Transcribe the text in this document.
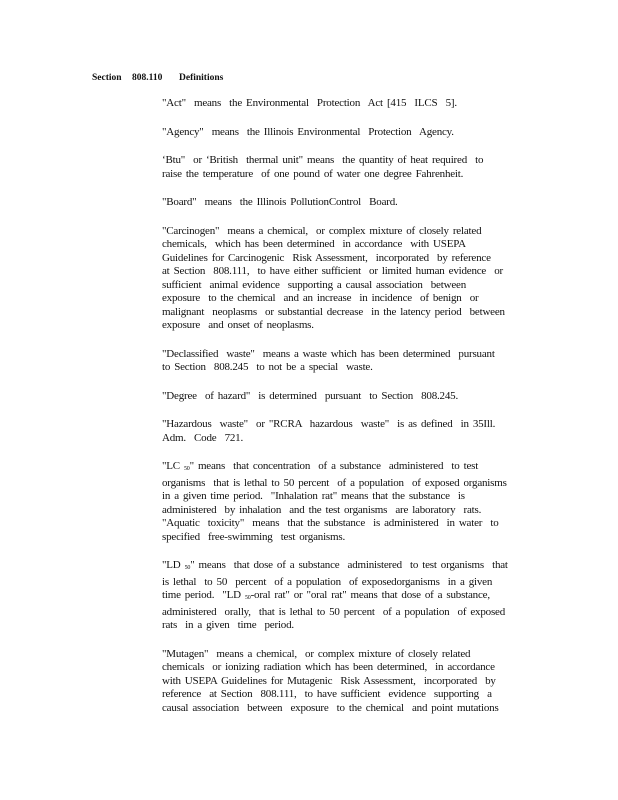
Section 808.110 Definitions
"Act"  means  the Environmental  Protection  Act [415  ILCS  5].
"Agency"  means  the Illinois Environmental  Protection  Agency.
‘Btu"  or ‘British  thermal unit" means  the quantity of heat required  to
raise the temperature  of one pound of water one degree Fahrenheit.
"Board"  means  the Illinois PollutionControl  Board.
"Carcinogen"  means a chemical,  or complex mixture of closely related
chemicals,  which has been determined  in accordance  with USEPA
Guidelines for Carcinogenic  Risk Assessment,  incorporated  by reference
at Section  808.111,  to have either sufficient  or limited human evidence  or
sufficient  animal evidence  supporting a causal association  between
exposure  to the chemical  and an increase  in incidence  of benign  or
malignant  neoplasms  or substantial decrease  in the latency period  between
exposure  and onset of neoplasms.
"Declassified  waste"  means a waste which has been determined  pursuant
to Section  808.245  to not be a special  waste.
"Degree  of hazard"  is determined  pursuant  to Section  808.245.
"Hazardous  waste"  or "RCRA  hazardous  waste"  is as defined  in 35Ill.
Adm.  Code  721.
"LC 50" means  that concentration  of a substance  administered  to test
organisms  that is lethal to 50 percent  of a population  of exposed organisms
in a given time period.  "Inhalation rat" means that the substance  is
administered  by inhalation  and the test organisms  are laboratory  rats.
"Aquatic  toxicity"  means  that the substance  is administered  in water  to
specified  free-swimming  test organisms.
"LD 50" means  that dose of a substance  administered  to test organisms  that
is lethal  to 50  percent  of a population  of exposedorganisms  in a given
time period.  "LD 50-oral rat" or "oral rat" means that dose of a substance,
administered  orally,  that is lethal to 50 percent  of a population  of exposed
rats  in a given  time  period.
"Mutagen"  means a chemical,  or complex mixture of closely related
chemicals  or ionizing radiation which has been determined,  in accordance
with USEPA Guidelines for Mutagenic  Risk Assessment,  incorporated  by
reference  at Section  808.111,  to have sufficient  evidence  supporting  a
causal association  between  exposure  to the chemical  and point mutations
